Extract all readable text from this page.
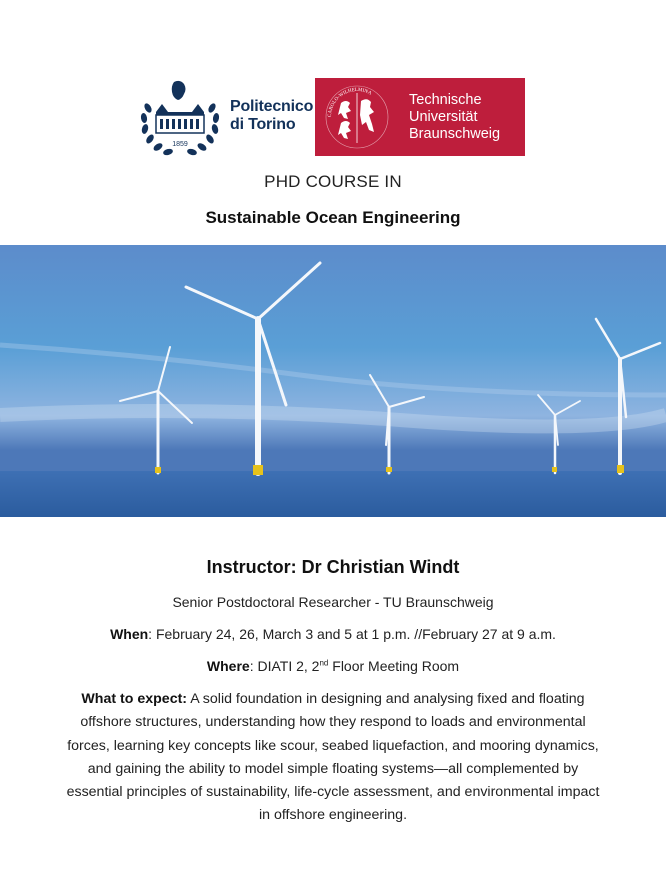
1859
Politecnico
di Torino
CAROLO-WILHELMINA	Technische
Universität
Braunschweig
PHD COURSE IN
Sustainable Ocean Engineering
Instructor: Dr Christian Windt
Senior Postdoctoral Researcher - TU Braunschweig
When: February 24, 26, March 3 and 5 at 1 p.m. //February 27 at 9 a.m.
Where: DIATI 2, 2nd Floor Meeting Room
What to expect: A solid foundation in designing and analysing fixed and floating offshore structures, understanding how they respond to loads and environmental forces, learning key concepts like scour, seabed liquefaction, and mooring dynamics, and gaining the ability to model simple floating systems—all complemented by essential principles of sustainability, life-cycle assessment, and environmental impact in offshore engineering.
